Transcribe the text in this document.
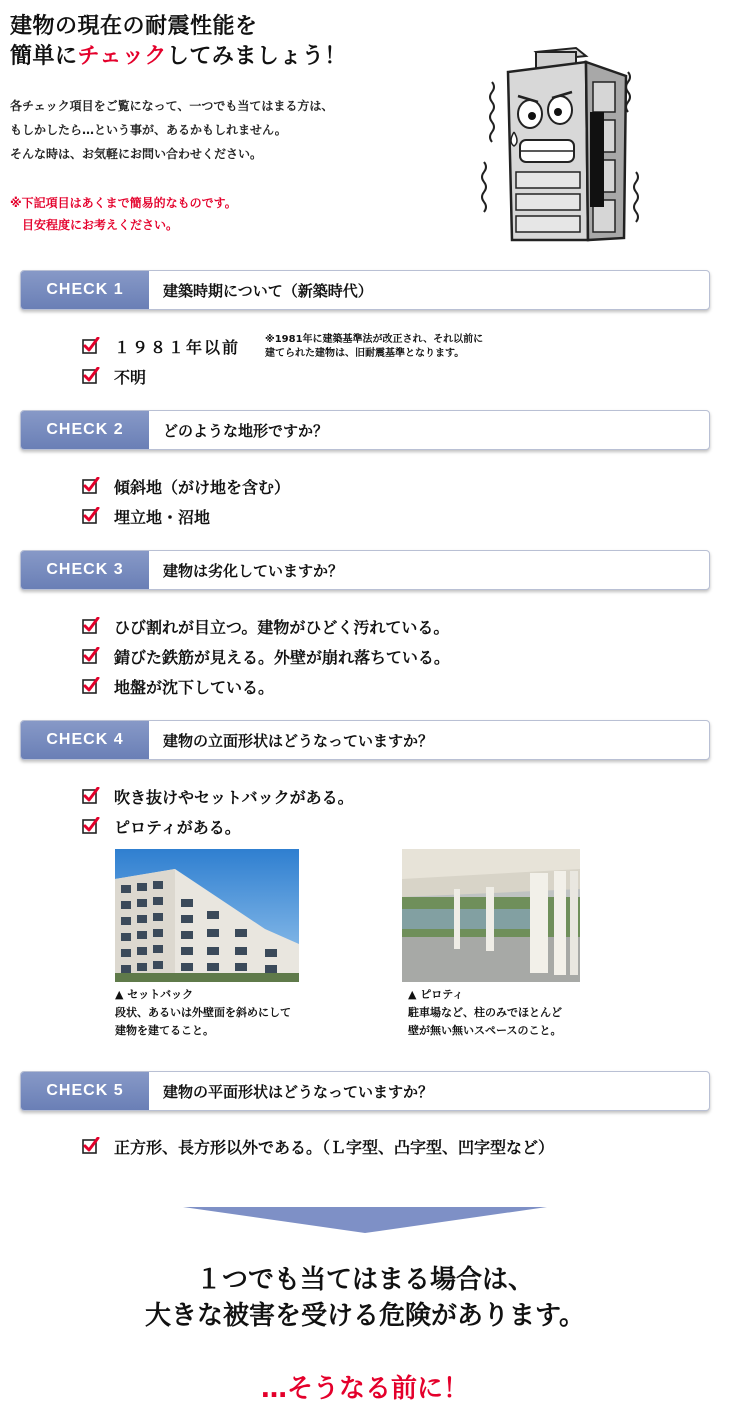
建物の現在の耐震性能を
簡単にチェックしてみましょう！
各チェック項目をご覧になって、一つでも当てはまる方は、
もしかしたら…という事が、あるかもしれません。
そんな時は、お気軽にお問い合わせください。
※下記項目はあくまで簡易的なものです。
目安程度にお考えください。
CHECK 1	建築時期について（新築時代）
１９８１年以前 ※1981年に建築基準法が改正され、それ以前に
建てられた建物は、旧耐震基準となります。
不明
CHECK 2	どのような地形ですか？
傾斜地（がけ地を含む）
埋立地・沼地
CHECK 3	建物は劣化していますか？
ひび割れが目立つ。建物がひどく汚れている。
錆びた鉄筋が見える。外壁が崩れ落ちている。
地盤が沈下している。
CHECK 4	建物の立面形状はどうなっていますか？
吹き抜けやセットバックがある。
ピロティがある。
▲ セットバック
段状、あるいは外壁面を斜めにして
建物を建てること。
▲ ピロティ
駐車場など、柱のみでほとんど
壁が無い無いスペースのこと。
CHECK 5	建物の平面形状はどうなっていますか？
正方形、長方形以外である。（Ｌ字型、凸字型、凹字型など）
１つでも当てはまる場合は、
大きな被害を受ける危険があります。
…そうなる前に！
